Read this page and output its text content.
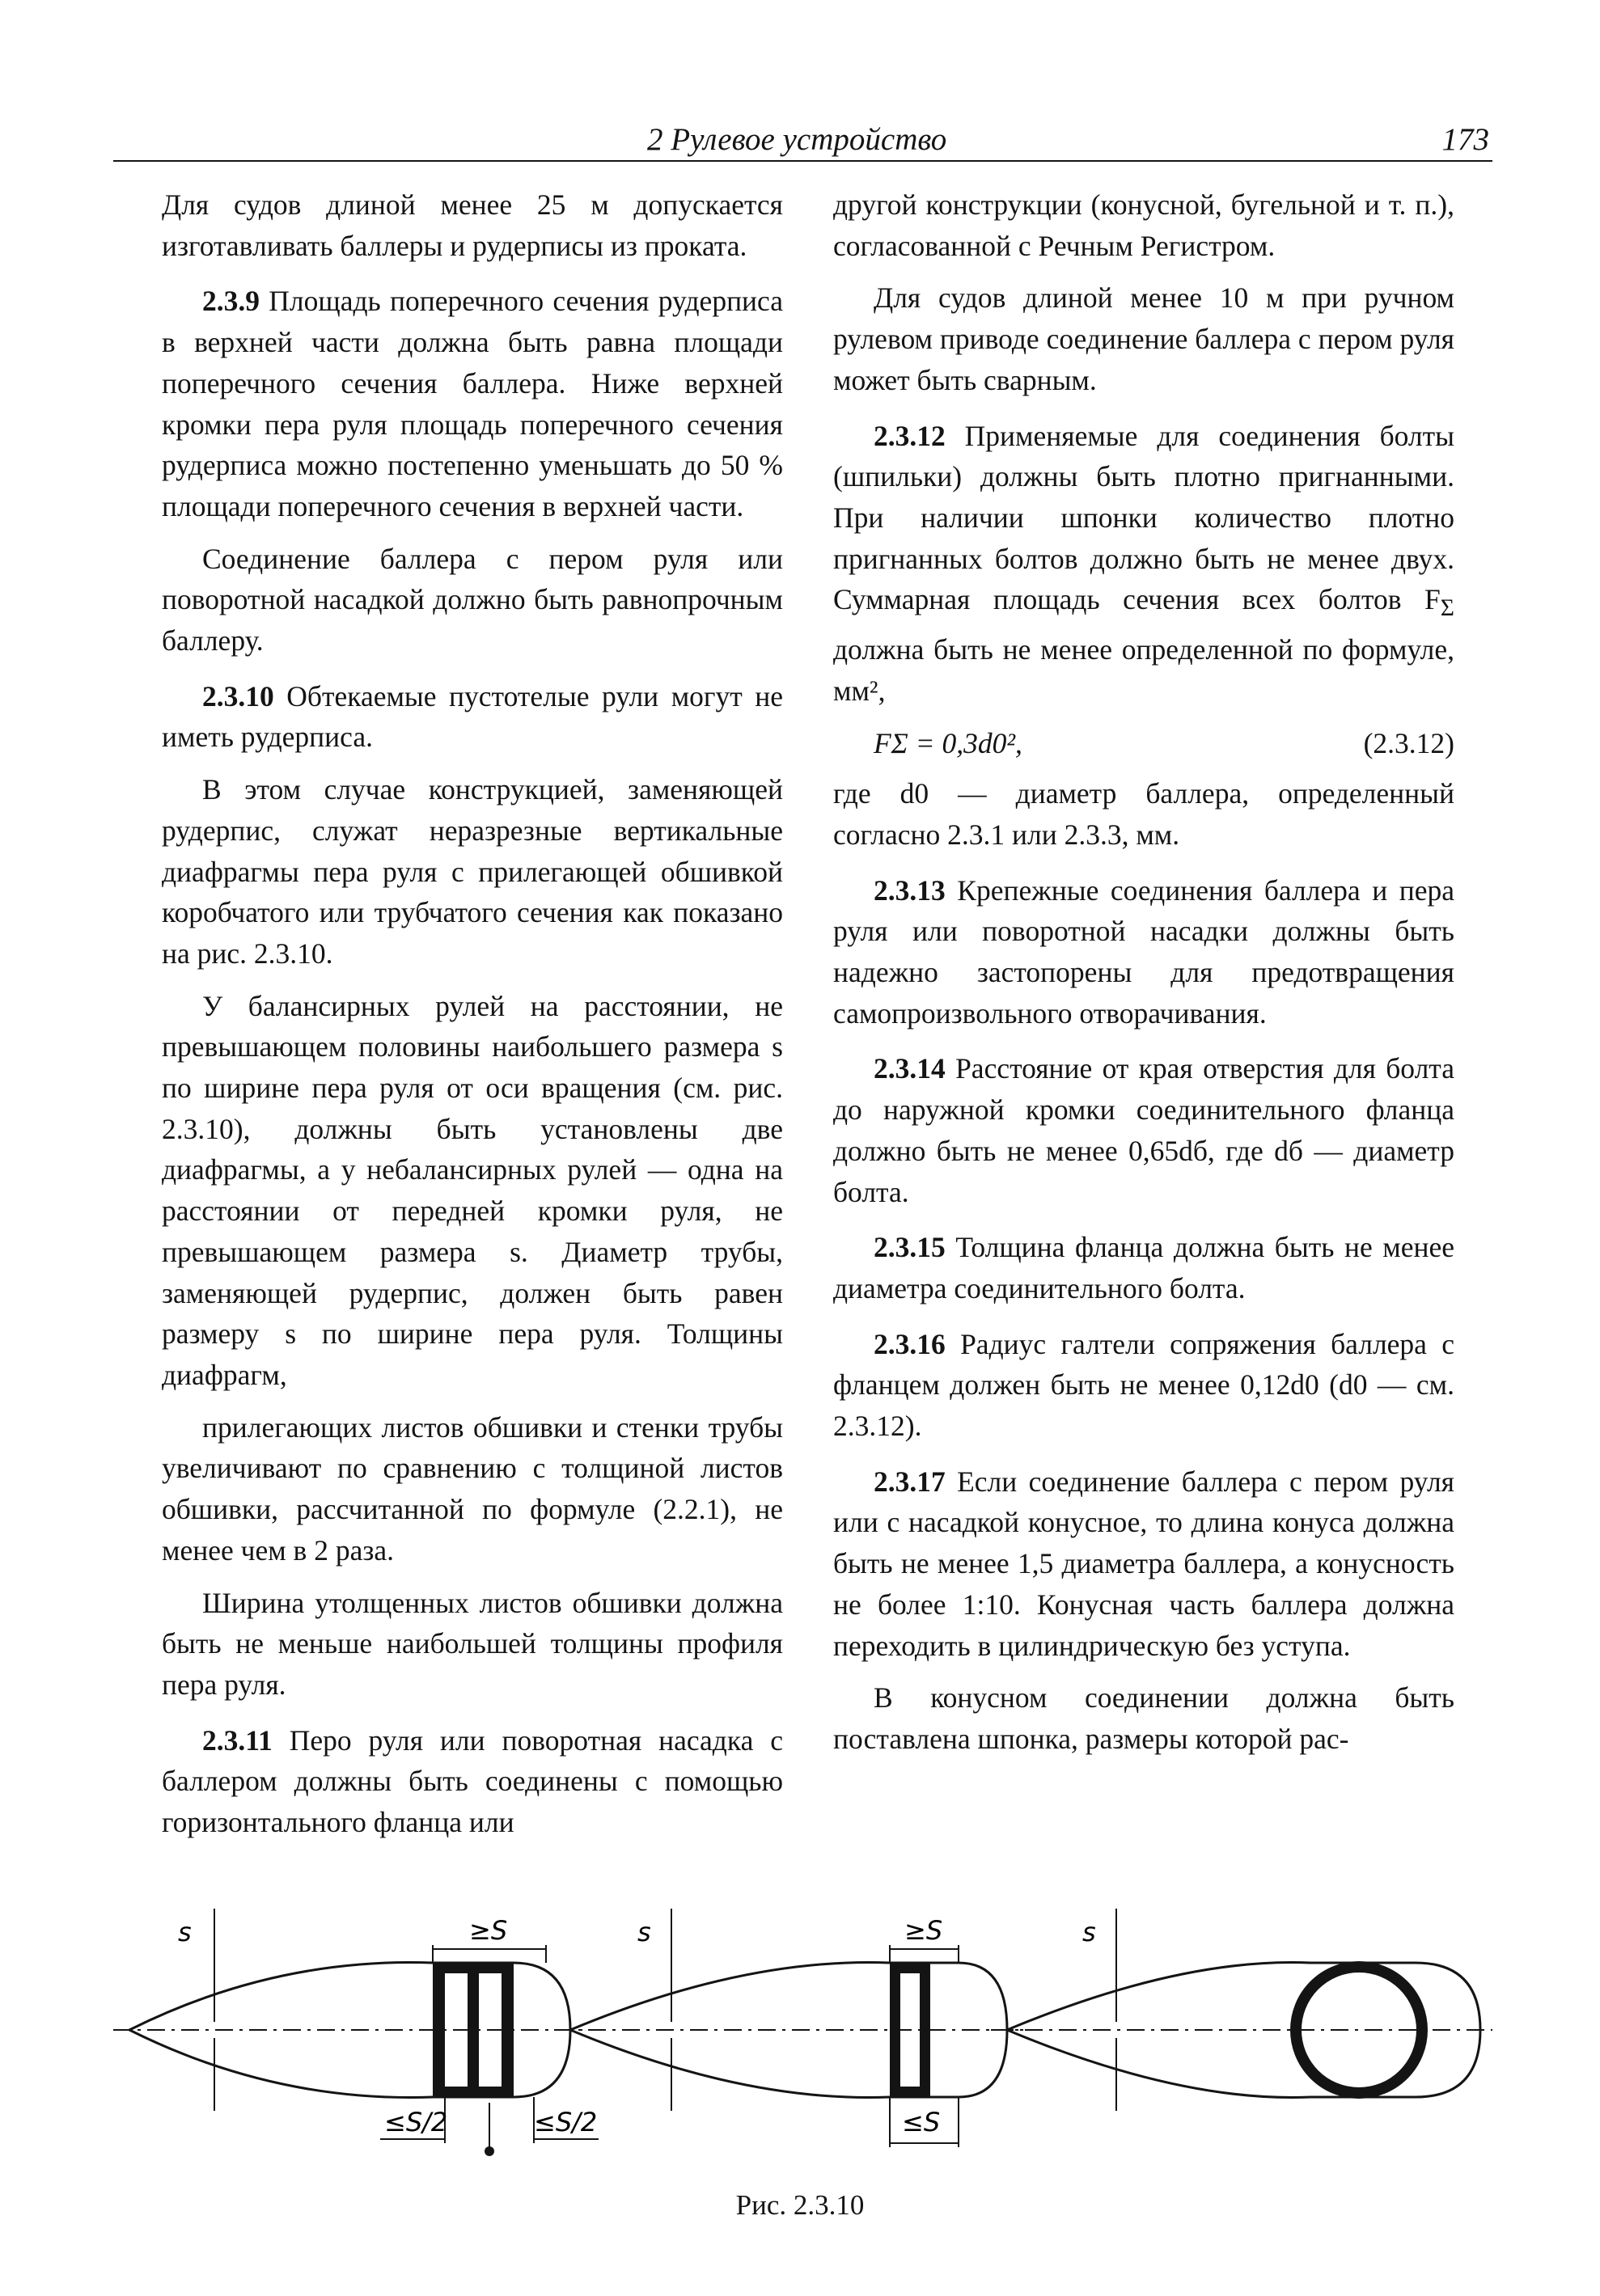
2 Рулевое устройство	173

Для судов длиной менее 25 м допускается изготавливать баллеры и рудерписы из проката.

2.3.9 Площадь поперечного сечения рудерписа в верхней части должна быть равна площади поперечного сечения баллера. Ниже верхней кромки пера руля площадь поперечного сечения рудерписа можно постепенно уменьшать до 50 % площади поперечного сечения в верхней части.

Соединение баллера с пером руля или поворотной насадкой должно быть равнопрочным баллеру.

2.3.10 Обтекаемые пустотелые рули могут не иметь рудерписа.

В этом случае конструкцией, заменяющей рудерпис, служат неразрезные вертикальные диафрагмы пера руля с прилегающей обшивкой коробчатого или трубчатого сечения как показано на рис. 2.3.10.

У балансирных рулей на расстоянии, не превышающем половины наибольшего размера s по ширине пера руля от оси вращения (см. рис. 2.3.10), должны быть установлены две диафрагмы, а у небалансирных рулей — одна на расстоянии от передней кромки руля, не превышающем размера s. Диаметр трубы, заменяющей рудерпис, должен быть равен размеру s по ширине пера руля. Толщины диафрагм,

прилегающих листов обшивки и стенки трубы увеличивают по сравнению с толщиной листов обшивки, рассчитанной по формуле (2.2.1), не менее чем в 2 раза.

Ширина утолщенных листов обшивки должна быть не меньше наибольшей толщины профиля пера руля.

2.3.11 Перо руля или поворотная насадка с баллером должны быть соединены с помощью горизонтального фланца или

другой конструкции (конусной, бугельной и т. п.), согласованной с Речным Регистром.

Для судов длиной менее 10 м при ручном рулевом приводе соединение баллера с пером руля может быть сварным.

2.3.12 Применяемые для соединения болты (шпильки) должны быть плотно пригнанными. При наличии шпонки количество плотно пригнанных болтов должно быть не менее двух. Суммарная площадь сечения всех болтов $F_\Sigma$ должна быть не менее определенной по формуле, мм²,

FΣ = 0,3d0²,	(2.3.12)

где d0 — диаметр баллера, определенный согласно 2.3.1 или 2.3.3, мм.

2.3.13 Крепежные соединения баллера и пера руля или поворотной насадки должны быть надежно застопорены для предотвращения самопроизвольного отворачивания.

2.3.14 Расстояние от края отверстия для болта до наружной кромки соединительного фланца должно быть не менее 0,65dб, где dб — диаметр болта.

2.3.15 Толщина фланца должна быть не менее диаметра соединительного болта.

2.3.16 Радиус галтели сопряжения баллера с фланцем должен быть не менее 0,12d0 (d0 — см. 2.3.12).

2.3.17 Если соединение баллера с пером руля или с насадкой конусное, то длина конуса должна быть не менее 1,5 диаметра баллера, а конусность не более 1:10. Конусная часть баллера должна переходить в цилиндрическую без уступа.

В конусном соединении должна быть поставлена шпонка, размеры которой рас-

s	≥S
≤S/2	≤S/2
s	≥S
≤S
s
Рис. 2.3.10
